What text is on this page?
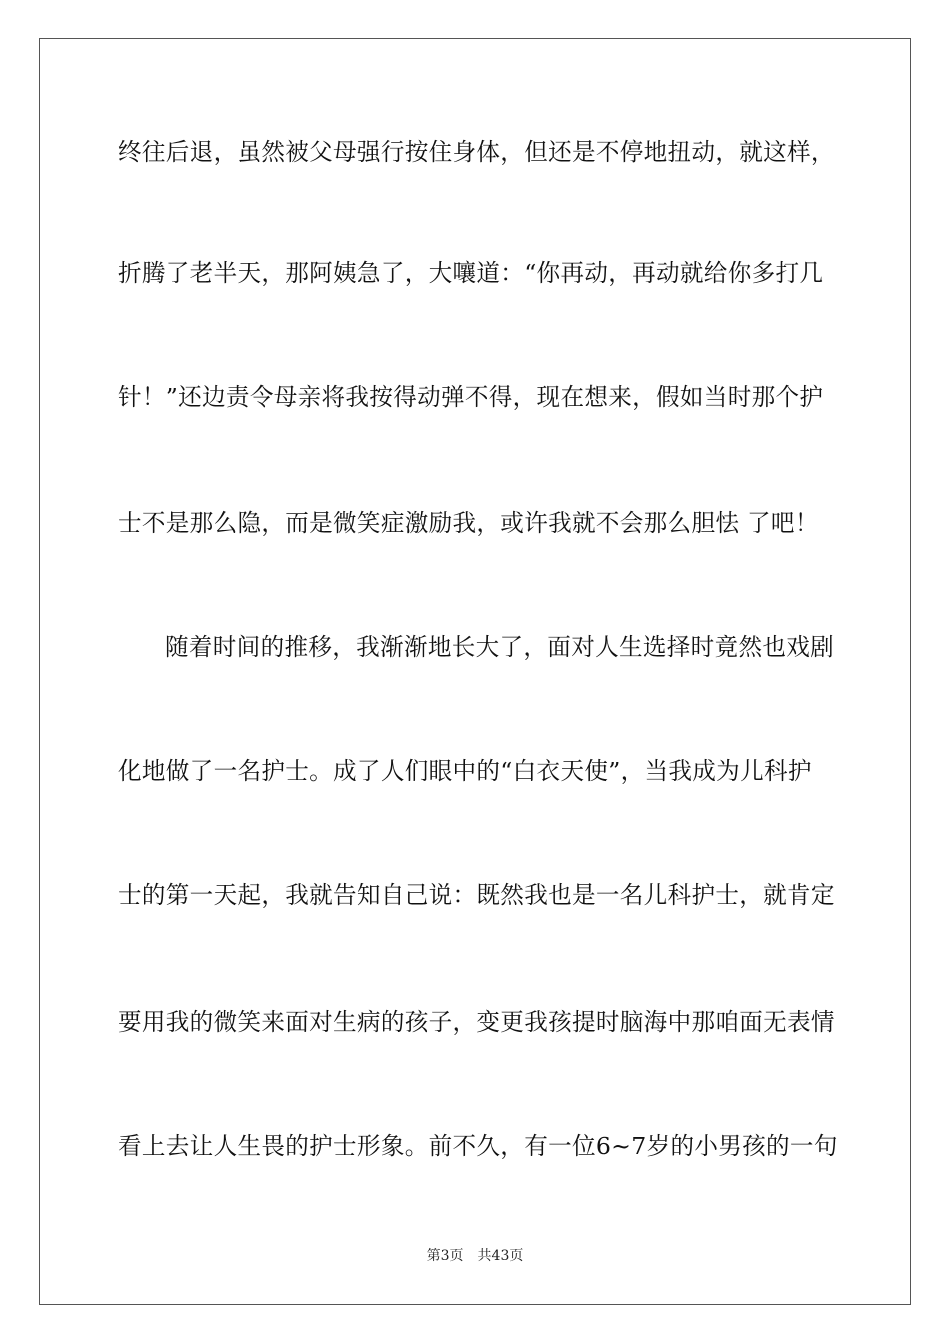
终往后退，虽然被父母强行按住身体，但还是不停地扭动，就这样，
折腾了老半天，那阿姨急了，大嚷道：“你再动，再动就给你多打几
针！”还边责令母亲将我按得动弹不得，现在想来，假如当时那个护
士不是那么隐，而是微笑症激励我，或许我就不会那么胆怯 了吧！
随着时间的推移，我渐渐地长大了，面对人生选择时竟然也戏剧
化地做了一名护士。成了人们眼中的“白衣天使”，当我成为儿科护
士的第一天起，我就告知自己说：既然我也是一名儿科护士，就肯定
要用我的微笑来面对生病的孩子，变更我孩提时脑海中那咱面无表情
看上去让人生畏的护士形象。前不久，有一位6~7岁的小男孩的一句
第3页 共43页
